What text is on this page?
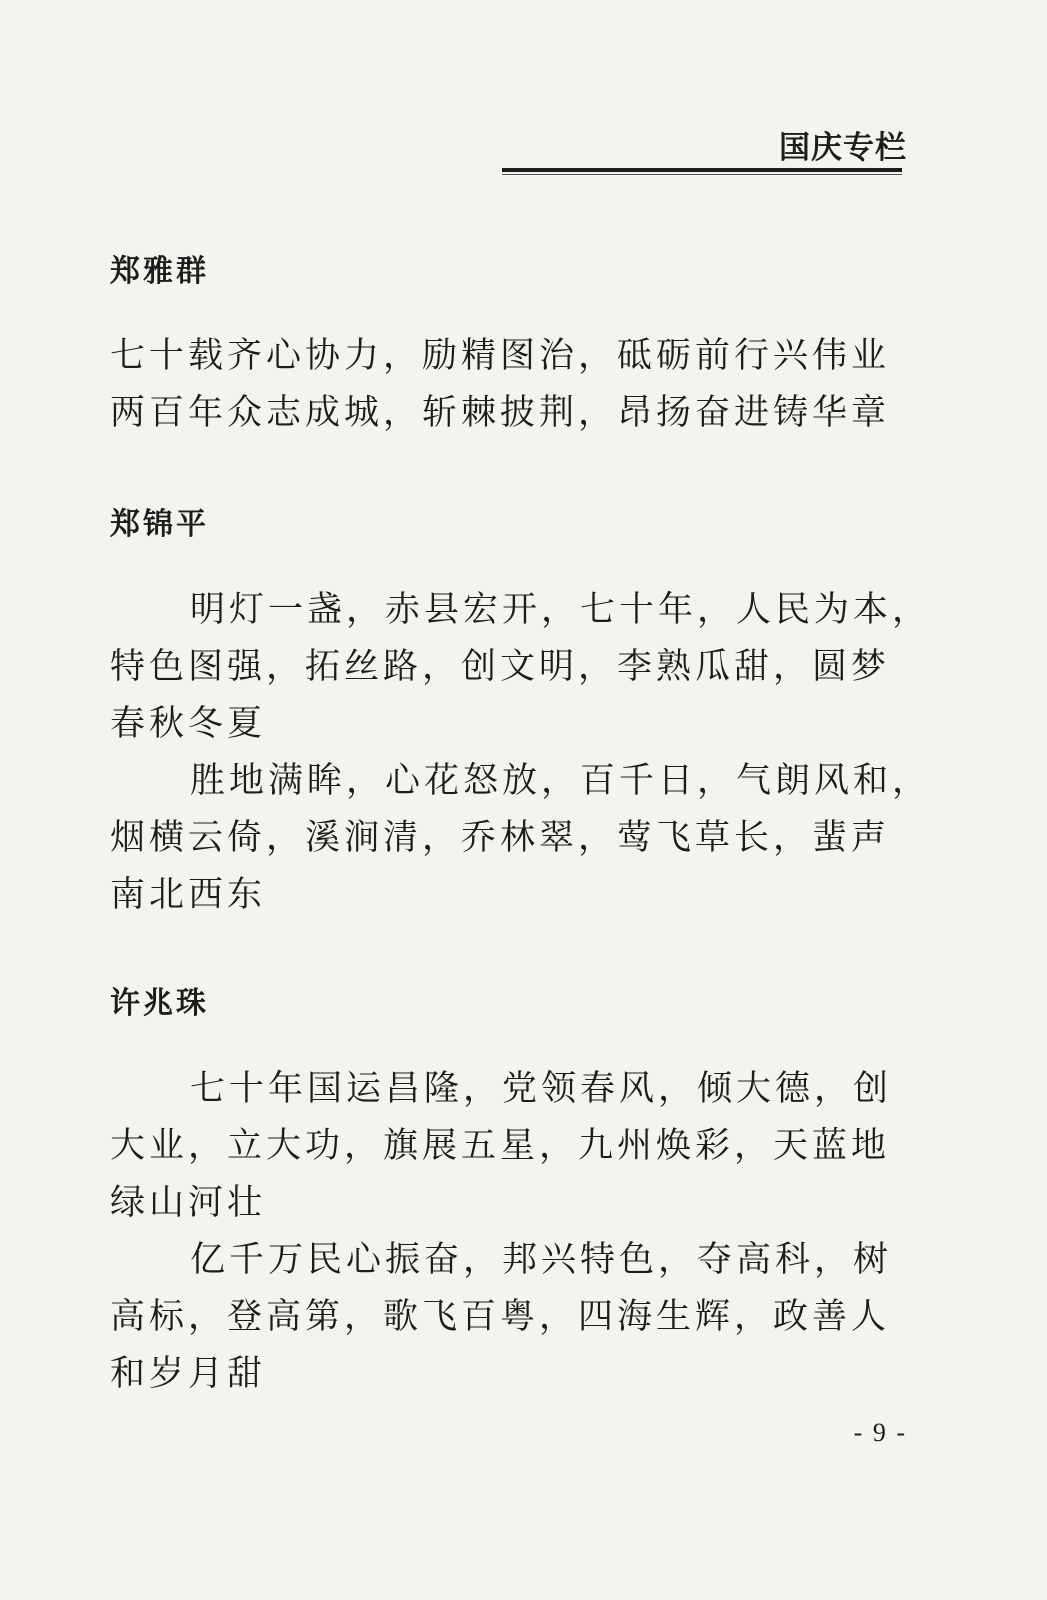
国庆专栏

郑雅群

七十载齐心协力，励精图治，砥砺前行兴伟业

两百年众志成城，斩棘披荆，昂扬奋进铸华章

郑锦平

明灯一盏，赤县宏开，七十年，人民为本，

特色图强，拓丝路，创文明，李熟瓜甜，圆梦

春秋冬夏

胜地满眸，心花怒放，百千日，气朗风和，

烟横云倚，溪涧清，乔林翠，莺飞草长，蜚声

南北西东

许兆珠

七十年国运昌隆，党领春风，倾大德，创

大业，立大功，旗展五星，九州焕彩，天蓝地

绿山河壮

亿千万民心振奋，邦兴特色，夺高科，树

高标，登高第，歌飞百粤，四海生辉，政善人

和岁月甜

- 9 -
